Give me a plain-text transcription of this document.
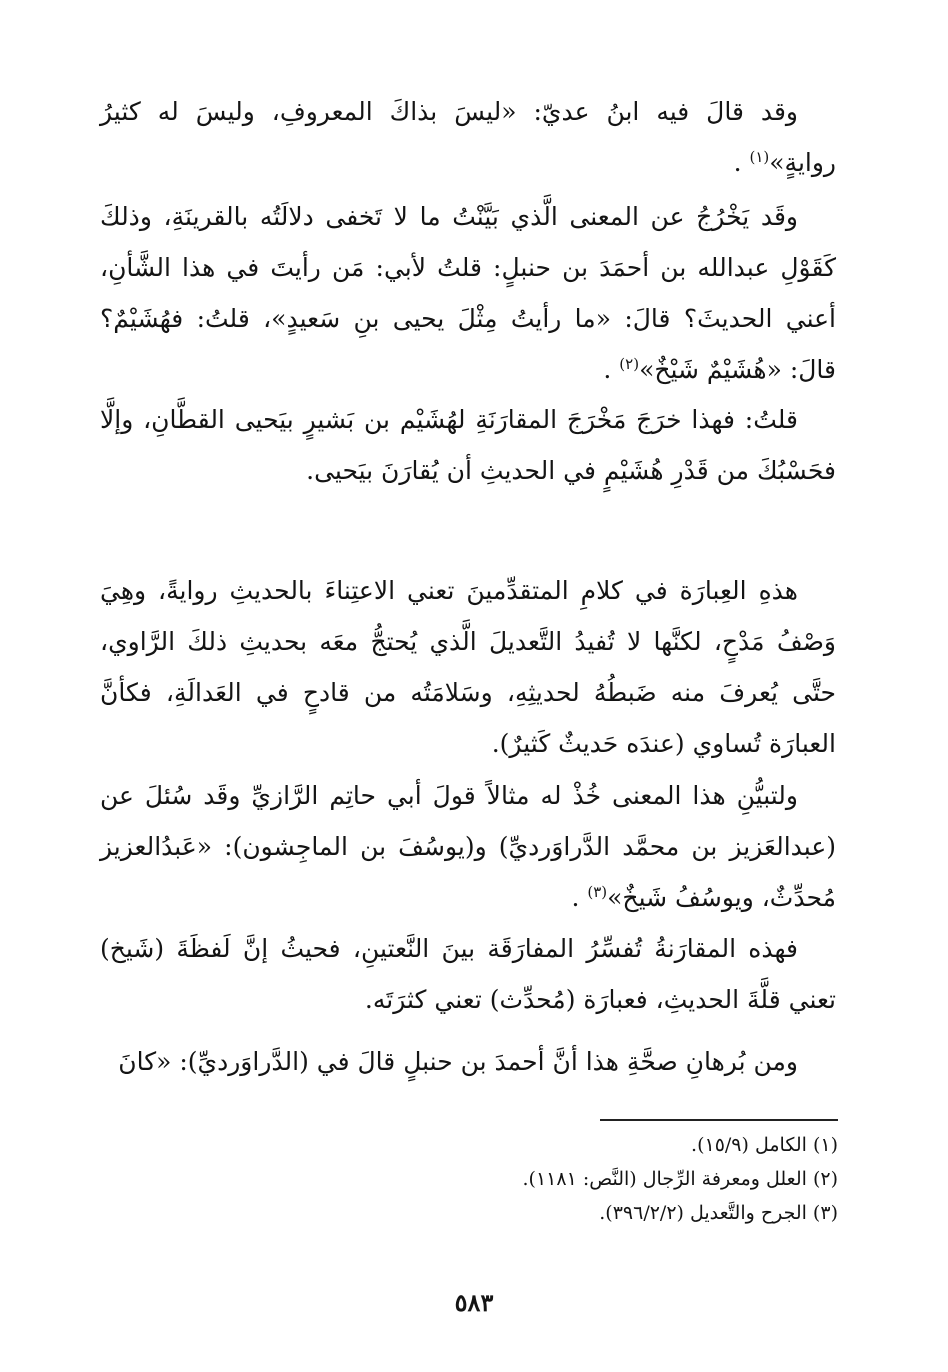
وقد قالَ فيه ابنُ عديّ: «ليسَ بذاكَ المعروفِ، وليسَ له كثيرُ روايةٍ»$^{(١)}$ .

وقَد يَخْرُجُ عن المعنى الَّذي بَيَّنْتُ ما لا تَخفى دلالَتُه بالقرينَةِ، وذلكَ كَقَوْلِ عبدالله بن أحمَدَ بن حنبلٍ: قلتُ لأبي: مَن رأيتَ في هذا الشَّأنِ، أعني الحديثَ؟ قالَ: «ما رأيتُ مِثْلَ يحيى بنِ سَعيدٍ»، قلتُ: فهُشَيْمٌ؟ قالَ: «هُشَيْمٌ شَيْخٌ»$^{(٢)}$ .

قلتُ: فهذا خرَجَ مَخْرَجَ المقارَنَةِ لهُشَيْم بن بَشيرٍ بيَحيى القطَّانِ، وإلَّا فحَسْبُكَ من قَدْرِ هُشَيْمٍ في الحديثِ أن يُقارَنَ بيَحيى.

هذهِ العِبارَة في كلامِ المتقدِّمينَ تعني الاعتِناءَ بالحديثِ روايةً، وهِيَ وَصْفُ مَدْحٍ، لكنَّها لا تُفيدُ التَّعديلَ الَّذي يُحتجُّ معَه بحديثِ ذلكَ الرَّاوي، حتَّى يُعرفَ منه ضَبطُهُ لحديثِهِ، وسَلامَتُه من قادحٍ في العَدالَةِ، فكأنَّ العبارَة تُساوي (عندَه حَديثٌ كَثيرٌ).

ولتبيُّنِ هذا المعنى خُذْ له مثالاً قولَ أبي حاتِم الرَّازيِّ وقَد سُئلَ عن (عبدالعَزيز بن محمَّد الدَّراوَرديِّ) و(يوسُفَ بن الماجِشون): «عَبدُالعزيز مُحدِّثٌ، ويوسُفُ شَيخٌ»$^{(٣)}$ .

فهذه المقارَنةُ تُفسِّرُ المفارَقَة بينَ النَّعتينِ، فحيثُ إنَّ لَفظَةَ (شَيخ) تعني قلَّةَ الحديثِ، فعبارَة (مُحدِّث) تعني كثرَتَه.

ومن بُرهانِ صحَّةِ هذا أنَّ أحمدَ بن حنبلٍ قالَ في (الدَّراوَرديِّ): «كانَ

(١) الكامل (١٥/٩).
(٢) العلل ومعرفة الرِّجال (النَّص: ١١٨١).
(٣) الجرح والتَّعديل (٣٩٦/٢/٢).
٥٨٣
